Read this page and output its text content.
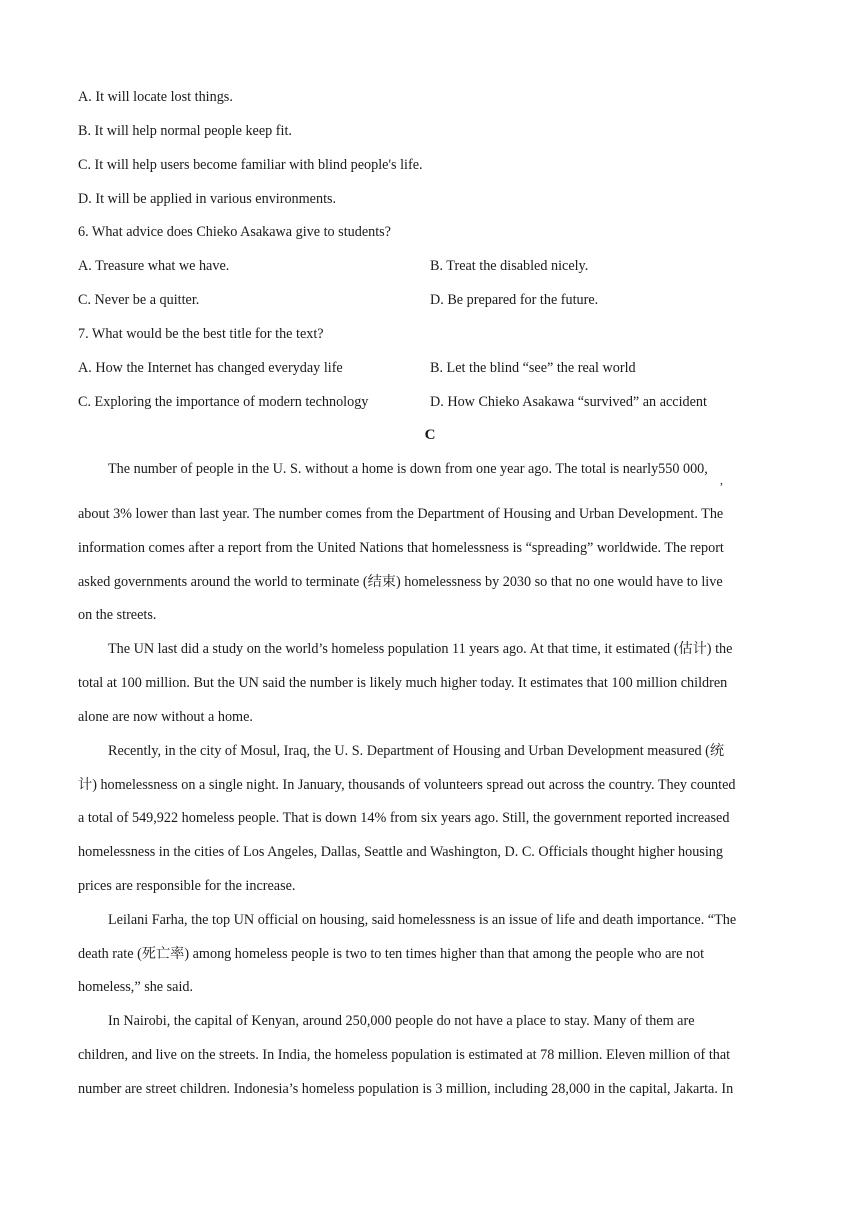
A. It will locate lost things.
B. It will help normal people keep fit.
C. It will help users become familiar with blind people's life.
D. It will be applied in various environments.
6. What advice does Chieko Asakawa give to students?
A. Treasure what we have.	B. Treat the disabled nicely.
C. Never be a quitter.	D. Be prepared for the future.
7. What would be the best title for the text?
A. How the Internet has changed everyday life	B. Let the blind “see” the real world
C. Exploring the importance of modern technology	D. How Chieko Asakawa “survived” an accident
C
The number of people in the U. S. without a home is down from one year ago. The total is nearly550 000,
,
about 3% lower than last year. The number comes from the Department of Housing and Urban Development. The
information comes after a report from the United Nations that homelessness is “spreading” worldwide. The report
asked governments around the world to terminate (结束) homelessness by 2030 so that no one would have to live
on the streets.
The UN last did a study on the world’s homeless population 11 years ago. At that time, it estimated (估计) the
total at 100 million. But the UN said the number is likely much higher today. It estimates that 100 million children
alone are now without a home.
Recently, in the city of Mosul, Iraq, the U. S. Department of Housing and Urban Development measured (统
计) homelessness on a single night. In January, thousands of volunteers spread out across the country. They counted
a total of 549,922 homeless people. That is down 14% from six years ago. Still, the government reported increased
homelessness in the cities of Los Angeles, Dallas, Seattle and Washington, D. C. Officials thought higher housing
prices are responsible for the increase.
Leilani Farha, the top UN official on housing, said homelessness is an issue of life and death importance. “The
death rate (死亡率) among homeless people is two to ten times higher than that among the people who are not
homeless,” she said.
In Nairobi, the capital of Kenyan, around 250,000 people do not have a place to stay. Many of them are
children, and live on the streets. In India, the homeless population is estimated at 78 million. Eleven million of that
number are street children. Indonesia’s homeless population is 3 million, including 28,000 in the capital, Jakarta. In
